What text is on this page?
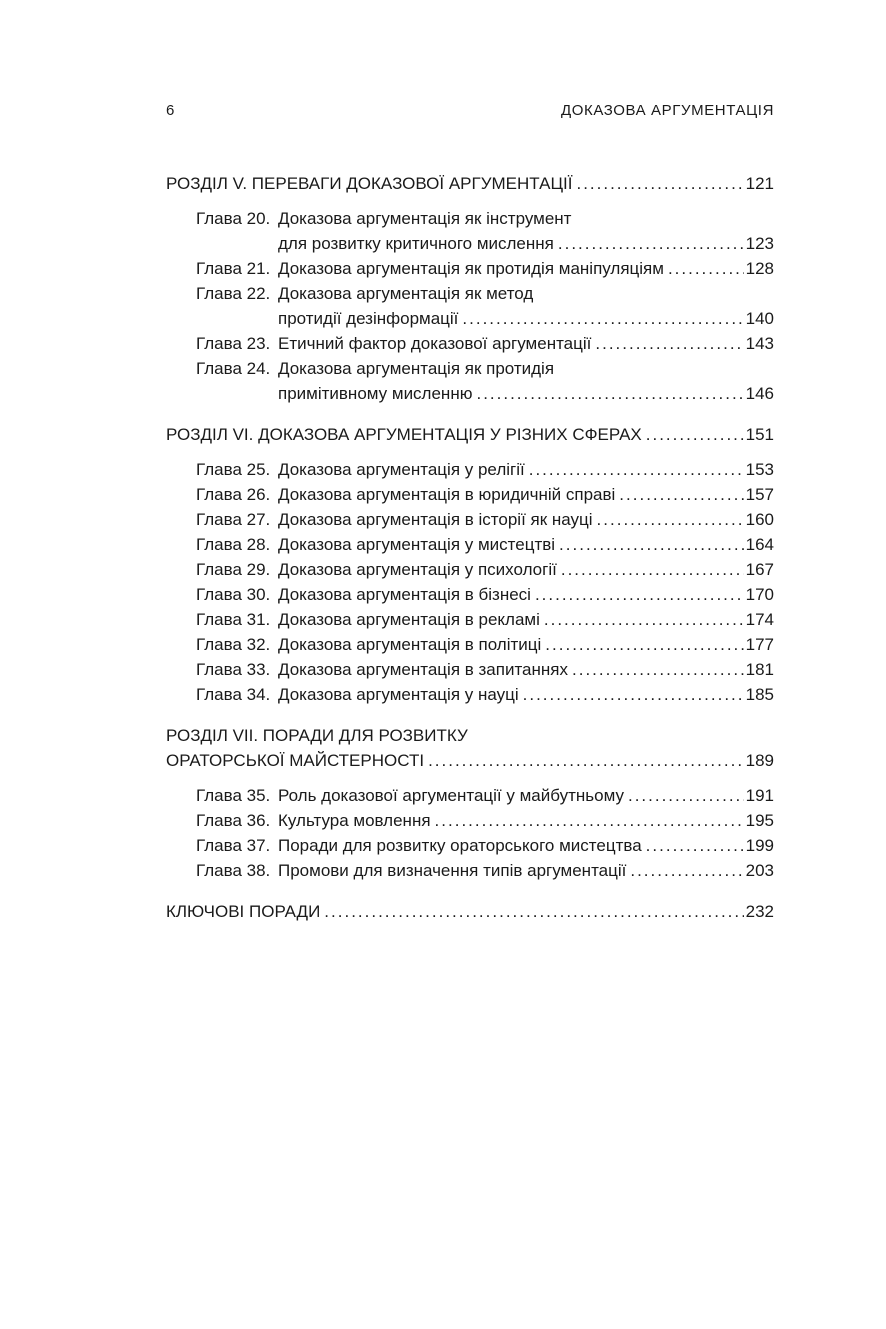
6	ДОКАЗОВА АРГУМЕНТАЦІЯ
РОЗДІЛ V. ПЕРЕВАГИ ДОКАЗОВОЇ АРГУМЕНТАЦІЇ .....	121
Глава 20. Доказова аргументація як інструмент
для розвитку критичного мислення .....	123
Глава 21. Доказова аргументація як протидія маніпуляціям .....	128
Глава 22. Доказова аргументація як метод
протидії дезінформації .....	140
Глава 23. Етичний фактор доказової аргументації .....	143
Глава 24. Доказова аргументація як протидія
примітивному мисленню .....	146
РОЗДІЛ VI. ДОКАЗОВА АРГУМЕНТАЦІЯ У РІЗНИХ СФЕРАХ .....	151
Глава 25. Доказова аргументація у релігії .....	153
Глава 26. Доказова аргументація в юридичній справі .....	157
Глава 27. Доказова аргументація в історії як науці .....	160
Глава 28. Доказова аргументація у мистецтві .....	164
Глава 29. Доказова аргументація у психології .....	167
Глава 30. Доказова аргументація в бізнесі .....	170
Глава 31. Доказова аргументація в рекламі .....	174
Глава 32. Доказова аргументація в політиці .....	177
Глава 33. Доказова аргументація в запитаннях .....	181
Глава 34. Доказова аргументація у науці .....	185
РОЗДІЛ VII. ПОРАДИ ДЛЯ РОЗВИТКУ
ОРАТОРСЬКОЇ МАЙСТЕРНОСТІ .....	189
Глава 35. Роль доказової аргументації у майбутньому .....	191
Глава 36. Культура мовлення .....	195
Глава 37. Поради для розвитку ораторського мистецтва .....	199
Глава 38. Промови для визначення типів аргументації .....	203
КЛЮЧОВІ ПОРАДИ .....	232
